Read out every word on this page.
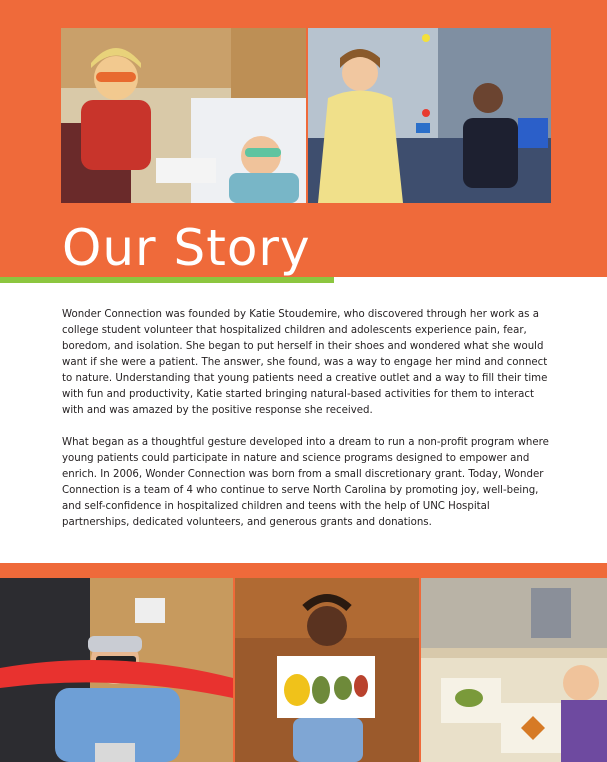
Our Story

Wonder Connection was founded by Katie Stoudemire, who discovered through her work as a college student volunteer that hospitalized children and adolescents experience pain, fear, boredom, and isolation. She began to put herself in their shoes and wondered what she would want if she were a patient. The answer, she found, was a way to engage her mind and connect to nature. Understanding that young patients need a creative outlet and a way to fill their time with fun and productivity, Katie started bringing natural-based activities for them to interact with and was amazed by the positive response she received.

What began as a thoughtful gesture developed into a dream to run a non-profit program where young patients could participate in nature and science programs designed to empower and enrich. In 2006, Wonder Connection was born from a small discretionary grant. Today, Wonder Connection is a team of 4 who continue to serve North Carolina by promoting joy, well-being, and self-confidence in hospitalized children and teens with the help of UNC Hospital partnerships, dedicated volunteers, and generous grants and donations.
